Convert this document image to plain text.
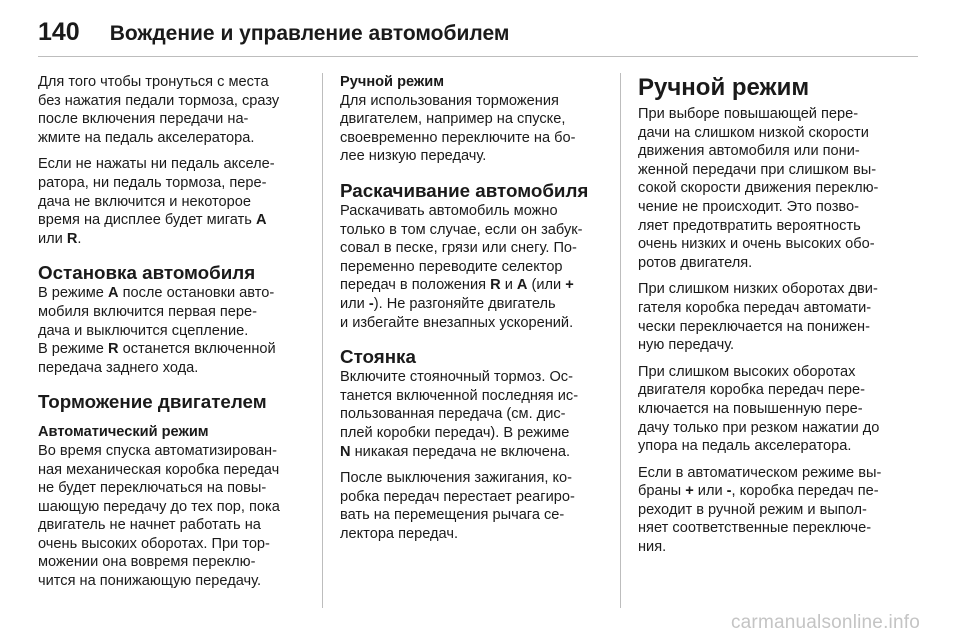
140 Вождение и управление автомобилем
Для того чтобы тронуться с места
без нажатия педали тормоза, сразу
после включения передачи на-
жмите на педаль акселератора.
Если не нажаты ни педаль акселе-
ратора, ни педаль тормоза, пере-
дача не включится и некоторое
время на дисплее будет мигать A
или R.
Остановка автомобиля
В режиме A после остановки авто-
мобиля включится первая пере-
дача и выключится сцепление.
В режиме R останется включенной
передача заднего хода.
Торможение двигателем
Автоматический режим
Во время спуска автоматизирован-
ная механическая коробка передач
не будет переключаться на повы-
шающую передачу до тех пор, пока
двигатель не начнет работать на
очень высоких оборотах. При тор-
можении она вовремя переклю-
чится на понижающую передачу.
Ручной режим
Для использования торможения
двигателем, например на спуске,
своевременно переключите на бо-
лее низкую передачу.
Раскачивание автомобиля
Раскачивать автомобиль можно
только в том случае, если он забук-
совал в песке, грязи или снегу. По-
переменно переводите селектор
передач в положения R и A (или +
или -). Не разгоняйте двигатель
и избегайте внезапных ускорений.
Стоянка
Включите стояночный тормоз. Ос-
танется включенной последняя ис-
пользованная передача (см. дис-
плей коробки передач). В режиме
N никакая передача не включена.
После выключения зажигания, ко-
робка передач перестает реагиро-
вать на перемещения рычага се-
лектора передач.
Ручной режим
При выборе повышающей пере-
дачи на слишком низкой скорости
движения автомобиля или пони-
женной передачи при слишком вы-
сокой скорости движения переклю-
чение не происходит. Это позво-
ляет предотвратить вероятность
очень низких и очень высоких обо-
ротов двигателя.
При слишком низких оборотах дви-
гателя коробка передач автомати-
чески переключается на понижен-
ную передачу.
При слишком высоких оборотах
двигателя коробка передач пере-
ключается на повышенную пере-
дачу только при резком нажатии до
упора на педаль акселератора.
Если в автоматическом режиме вы-
браны + или -, коробка передач пе-
реходит в ручной режим и выпол-
няет соответственные переключе-
ния.
carmanualsonline.info
